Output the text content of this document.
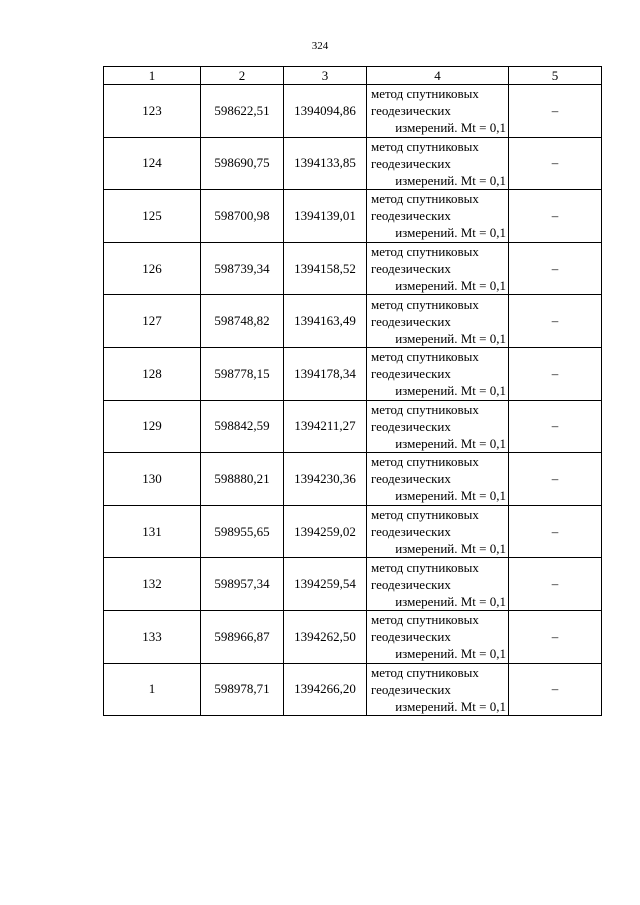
324
1	2	3	4	5
123	598622,51	1394094,86	метод спутниковых
геодезических
измерений. Mt = 0,1	–
124	598690,75	1394133,85	метод спутниковых
геодезических
измерений. Mt = 0,1	–
125	598700,98	1394139,01	метод спутниковых
геодезических
измерений. Mt = 0,1	–
126	598739,34	1394158,52	метод спутниковых
геодезических
измерений. Mt = 0,1	–
127	598748,82	1394163,49	метод спутниковых
геодезических
измерений. Mt = 0,1	–
128	598778,15	1394178,34	метод спутниковых
геодезических
измерений. Mt = 0,1	–
129	598842,59	1394211,27	метод спутниковых
геодезических
измерений. Mt = 0,1	–
130	598880,21	1394230,36	метод спутниковых
геодезических
измерений. Mt = 0,1	–
131	598955,65	1394259,02	метод спутниковых
геодезических
измерений. Mt = 0,1	–
132	598957,34	1394259,54	метод спутниковых
геодезических
измерений. Mt = 0,1	–
133	598966,87	1394262,50	метод спутниковых
геодезических
измерений. Mt = 0,1	–
1	598978,71	1394266,20	метод спутниковых
геодезических
измерений. Mt = 0,1	–
